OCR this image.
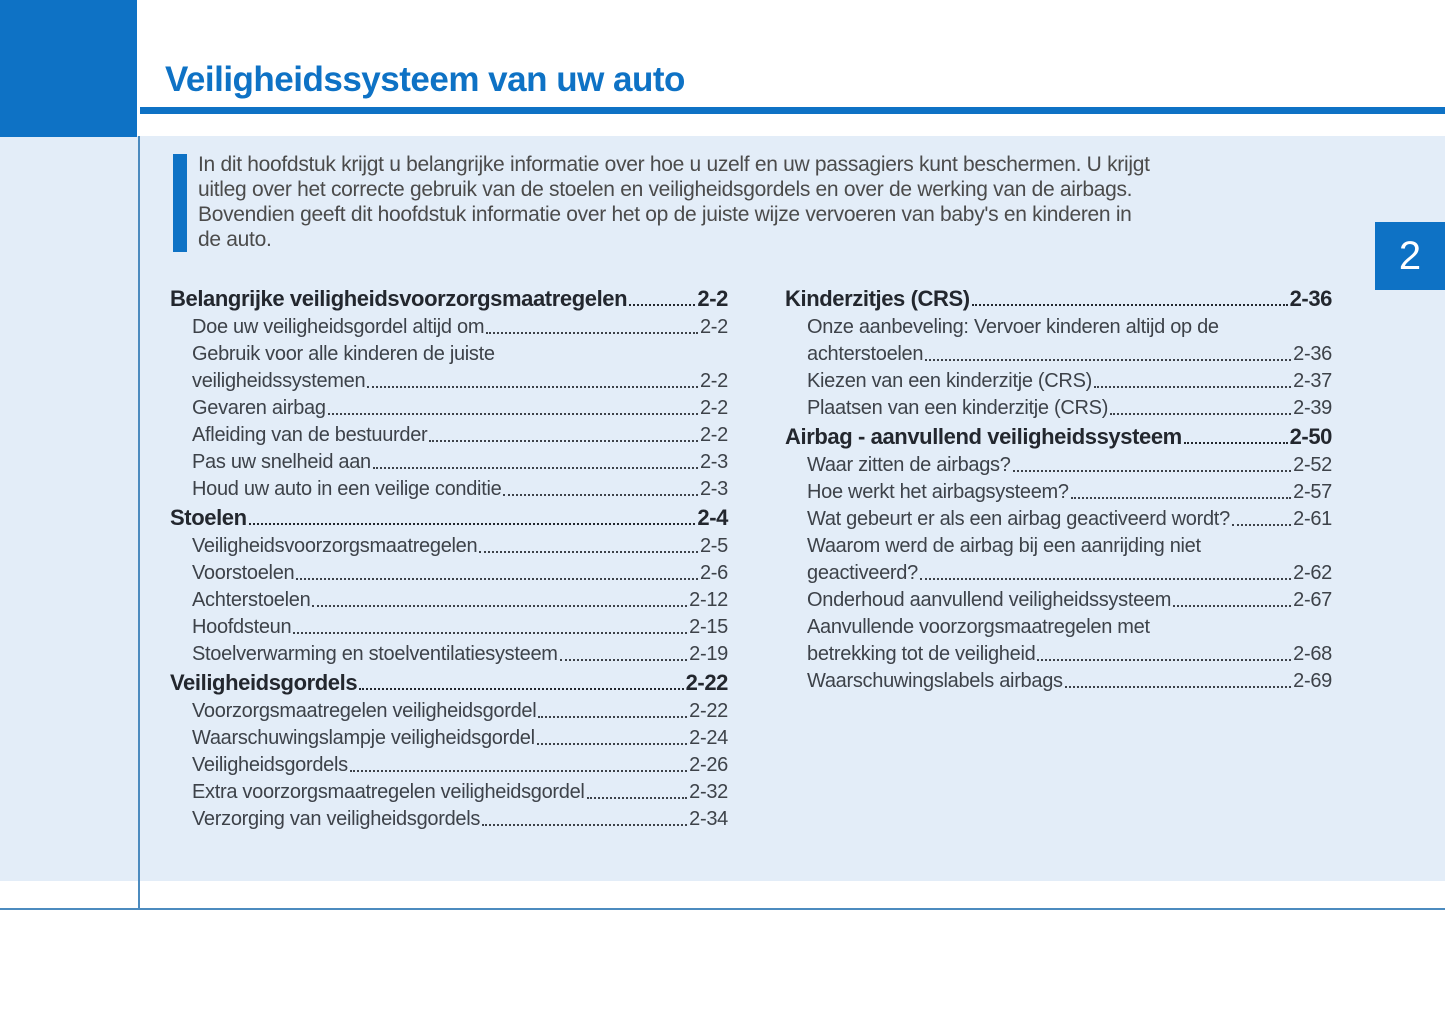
Veiligheidssysteem van uw auto
2
In dit hoofdstuk krijgt u belangrijke informatie over hoe u uzelf en uw passagiers kunt beschermen. U krijgt
uitleg over het correcte gebruik van de stoelen en veiligheidsgordels en over de werking van de airbags.
Bovendien geeft dit hoofdstuk informatie over het op de juiste wijze vervoeren van baby's en kinderen in
de auto.
Belangrijke veiligheidsvoorzorgsmaatregelen	2-2
Doe uw veiligheidsgordel altijd om	2-2
Gebruik voor alle kinderen de juiste
veiligheidssystemen	2-2
Gevaren airbag	2-2
Afleiding van de bestuurder	2-2
Pas uw snelheid aan	2-3
Houd uw auto in een veilige conditie	2-3
Stoelen	2-4
Veiligheidsvoorzorgsmaatregelen	2-5
Voorstoelen	2-6
Achterstoelen	2-12
Hoofdsteun	2-15
Stoelverwarming en stoelventilatiesysteem	2-19
Veiligheidsgordels	2-22
Voorzorgsmaatregelen veiligheidsgordel	2-22
Waarschuwingslampje veiligheidsgordel	2-24
Veiligheidsgordels	2-26
Extra voorzorgsmaatregelen veiligheidsgordel	2-32
Verzorging van veiligheidsgordels	2-34
Kinderzitjes (CRS)	2-36
Onze aanbeveling: Vervoer kinderen altijd op de
achterstoelen	2-36
Kiezen van een kinderzitje (CRS)	2-37
Plaatsen van een kinderzitje (CRS)	2-39
Airbag - aanvullend veiligheidssysteem	2-50
Waar zitten de airbags?	2-52
Hoe werkt het airbagsysteem?	2-57
Wat gebeurt er als een airbag geactiveerd wordt?	2-61
Waarom werd de airbag bij een aanrijding niet
geactiveerd?	2-62
Onderhoud aanvullend veiligheidssysteem	2-67
Aanvullende voorzorgsmaatregelen met
betrekking tot de veiligheid	2-68
Waarschuwingslabels airbags	2-69
